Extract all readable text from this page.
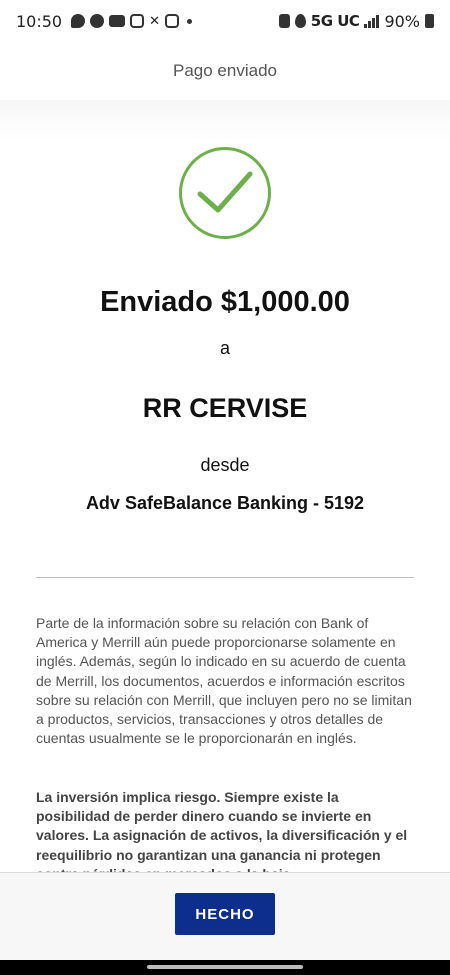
10:50	✕	5G UC 90%
Pago enviado
Enviado $1,000.00
a
RR CERVISE
desde
Adv SafeBalance Banking - 5192

Parte de la información sobre su relación con Bank of America y Merrill aún puede proporcionarse solamente en inglés. Además, según lo indicado en su acuerdo de cuenta de Merrill, los documentos, acuerdos e información escritos sobre su relación con Merrill, que incluyen pero no se limitan a productos, servicios, transacciones y otros detalles de cuentas usualmente se le proporcionarán en inglés.

La inversión implica riesgo. Siempre existe la posibilidad de perder dinero cuando se invierte en valores. La asignación de activos, la diversificación y el reequilibrio no garantizan una ganancia ni protegen

HECHO
